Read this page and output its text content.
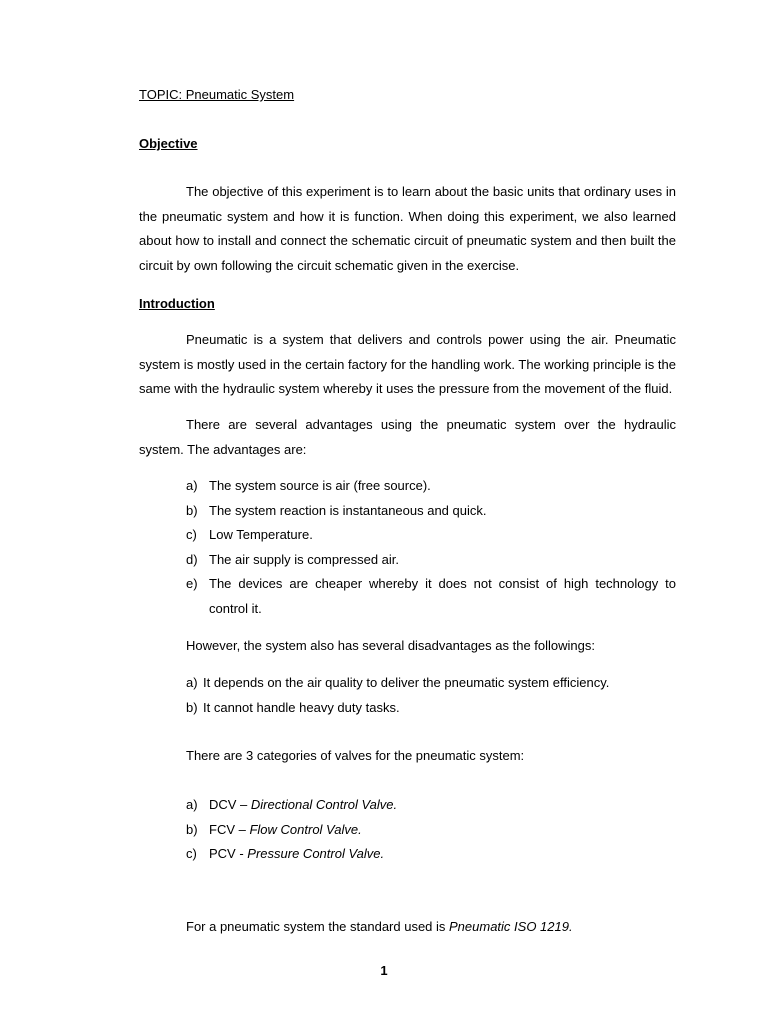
TOPIC: Pneumatic System
Objective

The objective of this experiment is to learn about the basic units that ordinary uses in the pneumatic system and how it is function. When doing this experiment, we also learned about how to install and connect the schematic circuit of pneumatic system and then built the circuit by own following the circuit schematic given in the exercise.

Introduction

Pneumatic is a system that delivers and controls power using the air. Pneumatic system is mostly used in the certain factory for the handling work. The working principle is the same with the hydraulic system whereby it uses the pressure from the movement of the fluid.

There are several advantages using the pneumatic system over the hydraulic system. The advantages are:

a) The system source is air (free source).
b) The system reaction is instantaneous and quick.
c) Low Temperature.
d) The air supply is compressed air.
e) The devices are cheaper whereby it does not consist of high technology to control it.
However, the system also has several disadvantages as the followings:
a) It depends on the air quality to deliver the pneumatic system efficiency.
b) It cannot handle heavy duty tasks.
There are 3 categories of valves for the pneumatic system:
a) DCV – Directional Control Valve.
b) FCV – Flow Control Valve.
c) PCV - Pressure Control Valve.
For a pneumatic system the standard used is Pneumatic ISO 1219.
1
